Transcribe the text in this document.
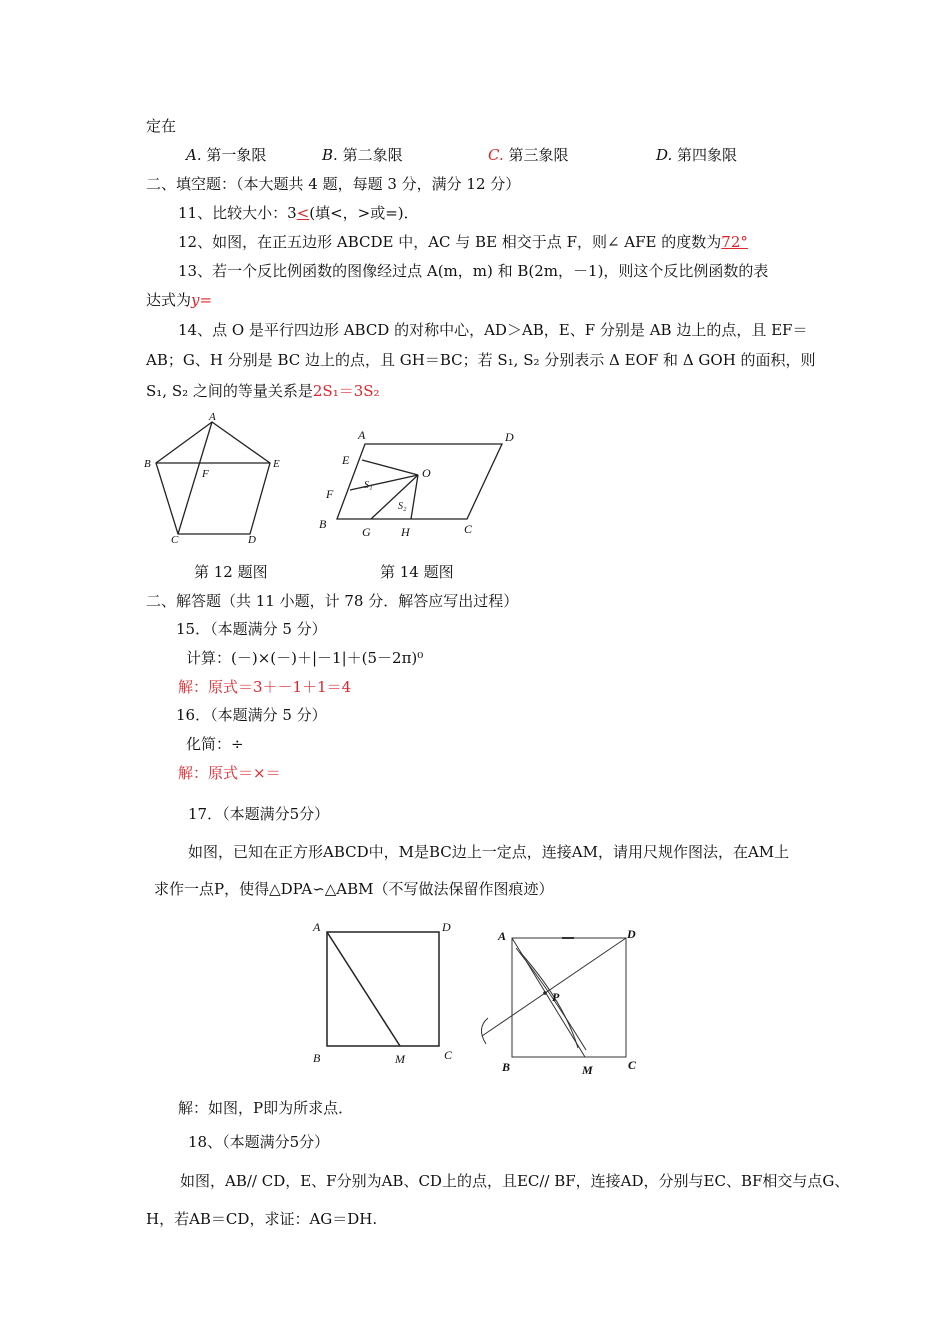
定在
A. 第一象限	B. 第二象限	C. 第三象限	D. 第四象限
二、填空题：（本大题共 4 题，每题 3 分，满分 12 分）
11、比较大小：3<(填<，>或=)．
12、如图，在正五边形 ABCDE 中，AC 与 BE 相交于点 F，则∠ AFE 的度数为72°
13、若一个反比例函数的图像经过点 A(m，m) 和 B(2m，－1)，则这个反比例函数的表
达式为y=
14、点 O 是平行四边形 ABCD 的对称中心，AD＞AB，E、F 分别是 AB 边上的点，且 EF＝
AB；G、H 分别是 BC 边上的点，且 GH＝BC；若 S₁, S₂ 分别表示 Δ EOF 和 Δ GOH 的面积，则
S₁, S₂ 之间的等量关系是2S₁＝3S₂
A
B	E
F
C	D
第 12 题图
A	D
E
O
S₁
F
S₂
B
G	H	C
第 14 题图
二、解答题（共 11 小题，计 78 分．解答应写出过程）
15．（本题满分 5 分）
计算：(－)×(－)＋|－1|＋(5－2π)⁰
解：原式＝3＋－1＋1＝4
16．（本题满分 5 分）
化简：÷
解：原式＝×＝
17．（本题满分5分）
如图，已知在正方形ABCD中，M是BC边上一定点，连接AM，请用尺规作图法，在AM上
求作一点P，使得△DPA∽△ABM（不写做法保留作图痕迹）
A	D
B	M	C
A	D
P
B	M	C
解：如图，P即为所求点．
18、（本题满分5分）
如图，AB// CD，E、F分别为AB、CD上的点，且EC// BF，连接AD，分别与EC、BF相交与点G、
H，若AB＝CD，求证：AG＝DH.
